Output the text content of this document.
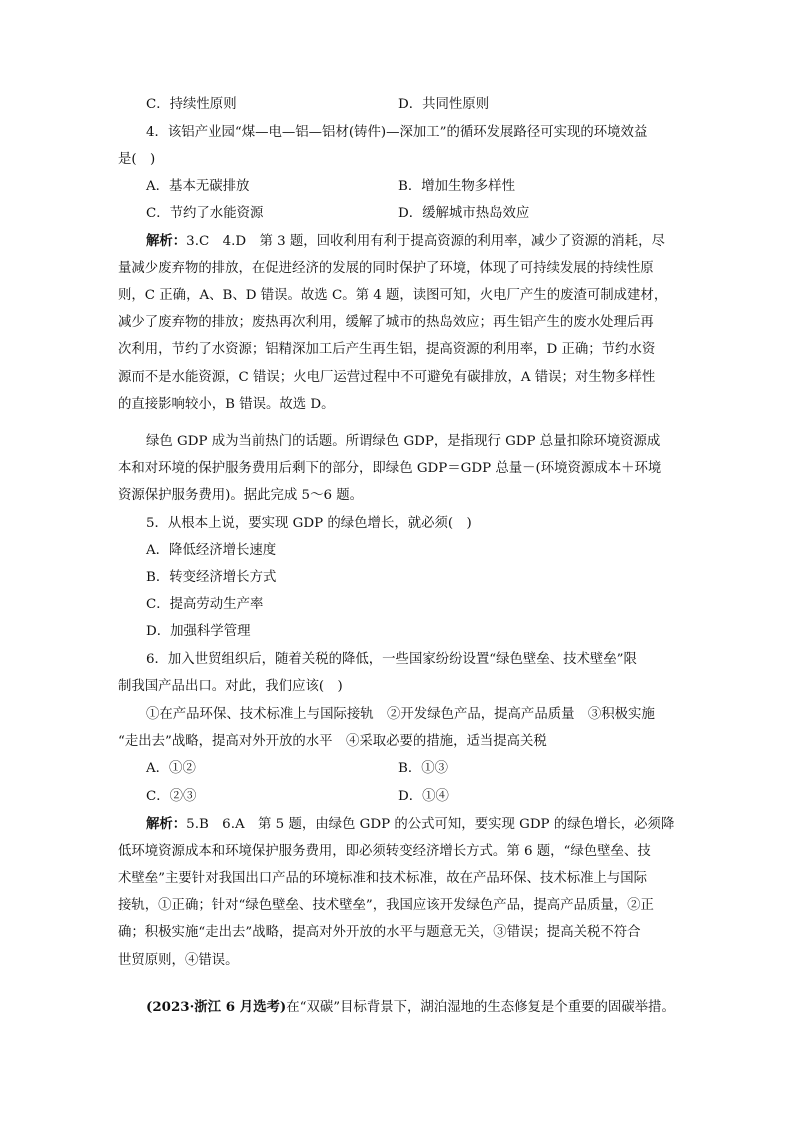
C．持续性原则	D．共同性原则
4．该铝产业园“煤—电—铝—铝材(铸件)—深加工”的循环发展路径可实现的环境效益
是(　)
A．基本无碳排放	B．增加生物多样性
C．节约了水能资源	D．缓解城市热岛效应
解析：3.C　4.D　第 3 题，回收利用有利于提高资源的利用率，减少了资源的消耗，尽
量减少废弃物的排放，在促进经济的发展的同时保护了环境，体现了可持续发展的持续性原
则，C 正确，A、B、D 错误。故选 C。第 4 题，读图可知，火电厂产生的废渣可制成建材，
减少了废弃物的排放；废热再次利用，缓解了城市的热岛效应；再生铝产生的废水处理后再
次利用，节约了水资源；铝精深加工后产生再生铝，提高资源的利用率，D 正确；节约水资
源而不是水能资源，C 错误；火电厂运营过程中不可避免有碳排放，A 错误；对生物多样性
的直接影响较小，B 错误。故选 D。
绿色 GDP 成为当前热门的话题。所谓绿色 GDP，是指现行 GDP 总量扣除环境资源成
本和对环境的保护服务费用后剩下的部分，即绿色 GDP＝GDP 总量－(环境资源成本＋环境
资源保护服务费用)。据此完成 5～6 题。
5．从根本上说，要实现 GDP 的绿色增长，就必须(　)
A．降低经济增长速度
B．转变经济增长方式
C．提高劳动生产率
D．加强科学管理
6．加入世贸组织后，随着关税的降低，一些国家纷纷设置“绿色壁垒、技术壁垒”限
制我国产品出口。对此，我们应该(　)
①在产品环保、技术标准上与国际接轨　②开发绿色产品，提高产品质量　③积极实施
“走出去”战略，提高对外开放的水平　④采取必要的措施，适当提高关税
A．①②	B．①③
C．②③	D．①④
解析：5.B　6.A　第 5 题，由绿色 GDP 的公式可知，要实现 GDP 的绿色增长，必须降
低环境资源成本和环境保护服务费用，即必须转变经济增长方式。第 6 题，“绿色壁垒、技
术壁垒”主要针对我国出口产品的环境标准和技术标准，故在产品环保、技术标准上与国际
接轨，①正确；针对“绿色壁垒、技术壁垒”，我国应该开发绿色产品，提高产品质量，②正
确；积极实施“走出去”战略，提高对外开放的水平与题意无关，③错误；提高关税不符合
世贸原则，④错误。
(2023·浙江 6 月选考)在“双碳”目标背景下，湖泊湿地的生态修复是个重要的固碳举措。
